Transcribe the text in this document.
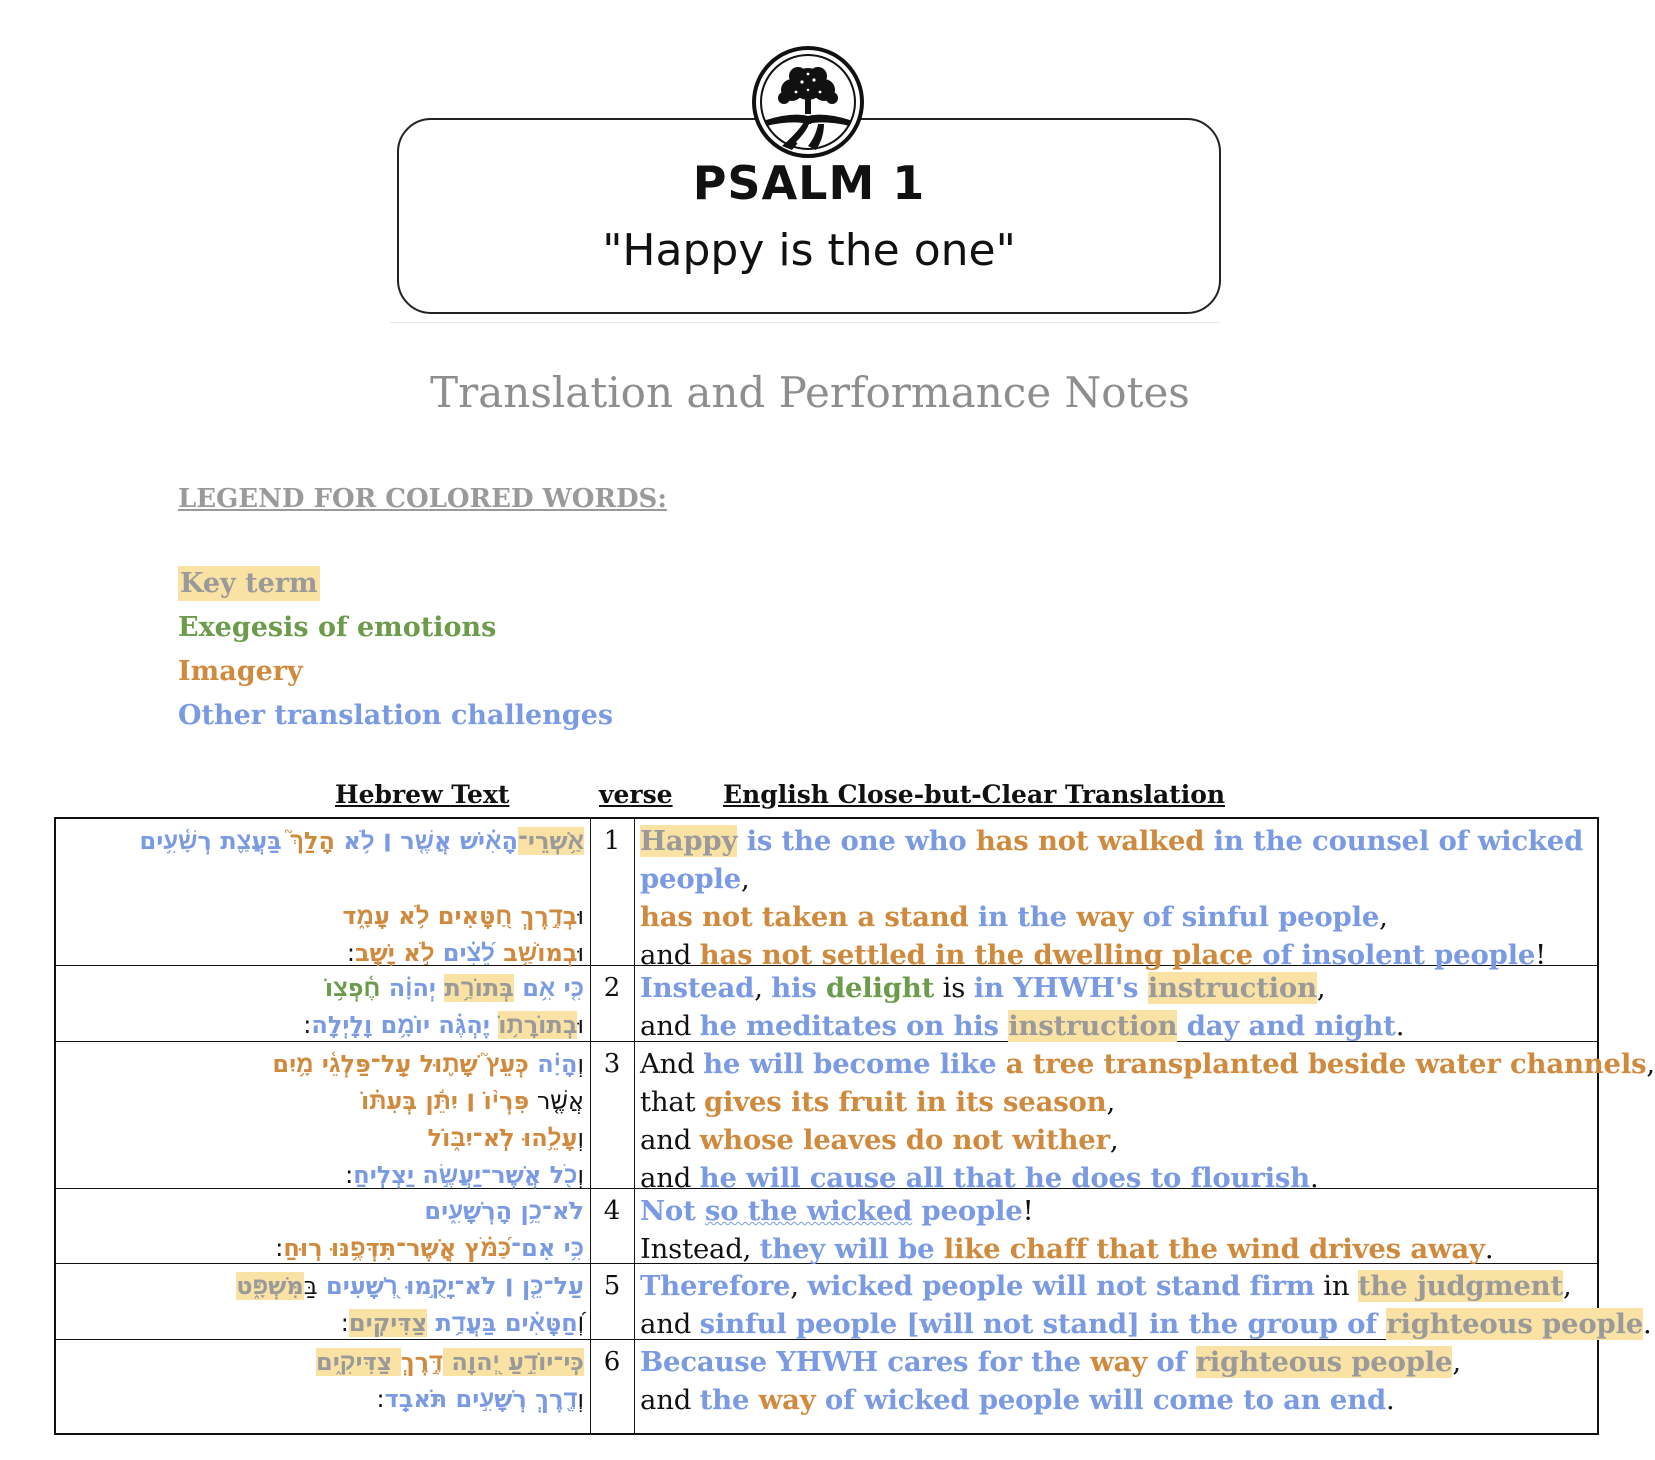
PSALM 1
"Happy is the one"
Translation and Performance Notes
LEGEND FOR COLORED WORDS:
Key term
Exegesis of emotions
Imagery
Other translation challenges
Hebrew Text	verse English Close-but-Clear Translation
אַ֥שְֽׁרֵי־הָאִ֗ישׁ אֲשֶׁ֤ר ׀ לֹ֥א הָלַךְ֮ בַּעֲצַ֪ת רְשָׁ֫עִ֥ים
וּבְדֶ֣רֶךְ חַ֭טָּאִים לֹ֥א עָמָ֑ד
וּבְמוֹשַׁ֥ב לֵ֝צִ֗ים לֹ֣א יָשָֽׁב:
1 Happy is the one who has not walked in the counsel of wicked
people,
has not taken a stand in the way of sinful people,
and has not settled in the dwelling place of insolent people!
כִּ֤י אִ֥ם בְּתוֹרַ֥ת יְהוָ֗ה חֶ֫פְצ֥וֹ
וּבְתוֹרָת֥וֹ יֶהְגֶּ֗ה יוֹמָ֥ם וָלָֽיְלָה:
2 Instead, his delight is in YHWH's instruction,
and he meditates on his instruction day and night.
וְהָיָ֗ה כְּעֵץ֮ שָׁת֪וּל עַֽל־פַּלְגֵ֫י מָ֥יִם
אֲשֶׁ֤ר פִּרְי֨וֹ ׀ יִתֵּ֬ן בְּעִתּ֗וֹ
וְעָלֵ֥הוּ לֹֽא־יִבּ֑וֹל
וְכֹ֖ל אֲשֶׁר־יַעֲשֶׂ֣ה יַצְלִֽיחַ:
3 And he will become like a tree transplanted beside water channels,
that gives its fruit in its season,
and whose leaves do not wither,
and he will cause all that he does to flourish.
לֹא־כֵ֥ן הָרְשָׁעִ֑ים
כִּ֥י אִם־כַּ֝מֹּ֗ץ אֲֽשֶׁר־תִּדְּפֶ֥נּוּ רֽוּחַ:
4 Not so the wicked people!
Instead, they will be like chaff that the wind drives away.
עַל־כֵּ֤ן ׀ לֹא־יָקֻ֣מוּ רְ֭שָׁעִים בַּמִּשְׁפָּ֑ט
וְ֝חַטָּאִ֗ים בַּעֲדַ֥ת צַדִּיקִֽים:
5 Therefore, wicked people will not stand firm in the judgment,
and sinful people [will not stand] in the group of righteous people.
כִּֽי־יוֹדֵ֣עַ יְ֭הוָה דֶּ֣רֶךְ צַדִּיקִ֑ים
וְדֶ֖רֶךְ רְשָׁעִ֣ים תֹּאבֵֽד:
6 Because YHWH cares for the way of righteous people,
and the way of wicked people will come to an end.
